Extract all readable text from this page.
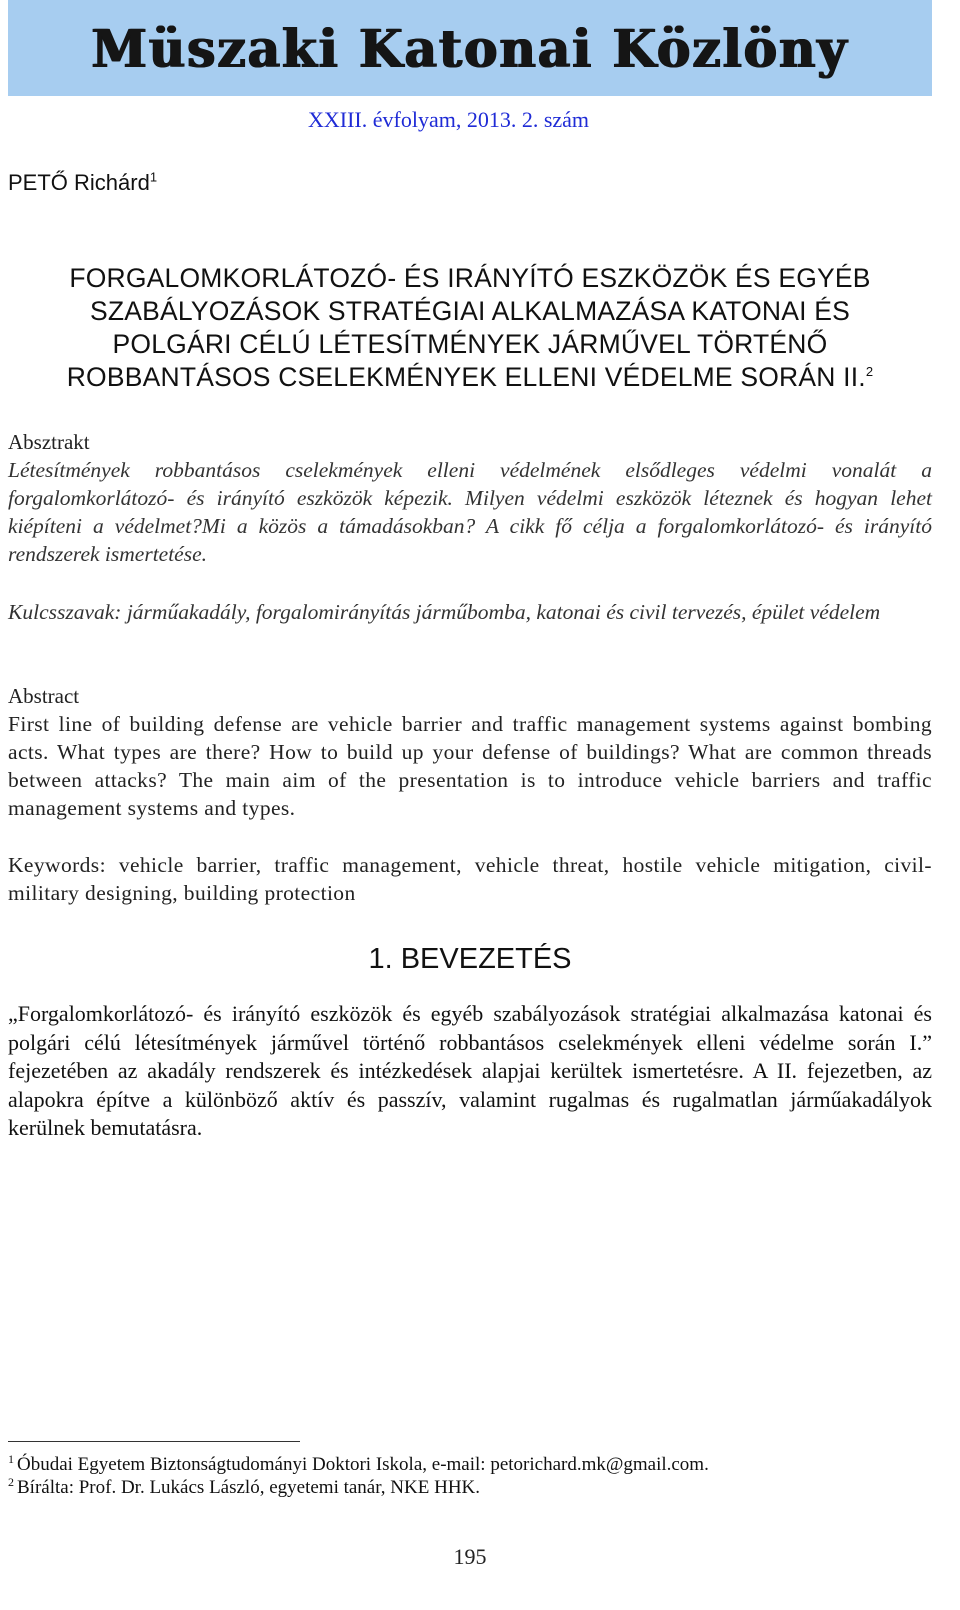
Müszaki Katonai Közlöny
XXIII. évfolyam, 2013. 2. szám
PETŐ Richárd$^1$
FORGALOMKORLÁTOZÓ- ÉS IRÁNYÍTÓ ESZKÖZÖK ÉS EGYÉB
SZABÁLYOZÁSOK STRATÉGIAI ALKALMAZÁSA KATONAI ÉS
POLGÁRI CÉLÚ LÉTESÍTMÉNYEK JÁRMŰVEL TÖRTÉNŐ
ROBBANTÁSOS CSELEKMÉNYEK ELLENI VÉDELME SORÁN II.$^2$
Absztrakt
Létesítmények robbantásos cselekmények elleni védelmének elsődleges védelmi vonalát a forgalomkorlátozó- és irányító eszközök képezik. Milyen védelmi eszközök léteznek és hogyan lehet kiépíteni a védelmet?Mi a közös a támadásokban? A cikk fő célja a forgalomkorlátozó- és irányító rendszerek ismertetése.
Kulcsszavak: járműakadály, forgalomirányítás járműbomba, katonai és civil tervezés, épület védelem
Abstract
First line of building defense are vehicle barrier and traffic management systems against bombing acts. What types are there? How to build up your defense of buildings? What are common threads between attacks? The main aim of the presentation is to introduce vehicle barriers and traffic management systems and types.
Keywords: vehicle barrier, traffic management, vehicle threat, hostile vehicle mitigation, civil- military designing, building protection
1. BEVEZETÉS
„Forgalomkorlátozó- és irányító eszközök és egyéb szabályozások stratégiai alkalmazása katonai és polgári célú létesítmények járművel történő robbantásos cselekmények elleni védelme során I.” fejezetében az akadály rendszerek és intézkedések alapjai kerültek ismertetésre. A II. fejezetben, az alapokra építve a különböző aktív és passzív, valamint rugalmas és rugalmatlan járműakadályok kerülnek bemutatásra.
$^1$ Óbudai Egyetem Biztonságtudományi Doktori Iskola, e-mail: petorichard.mk@gmail.com.
$^2$ Bírálta: Prof. Dr. Lukács László, egyetemi tanár, NKE HHK.
195
